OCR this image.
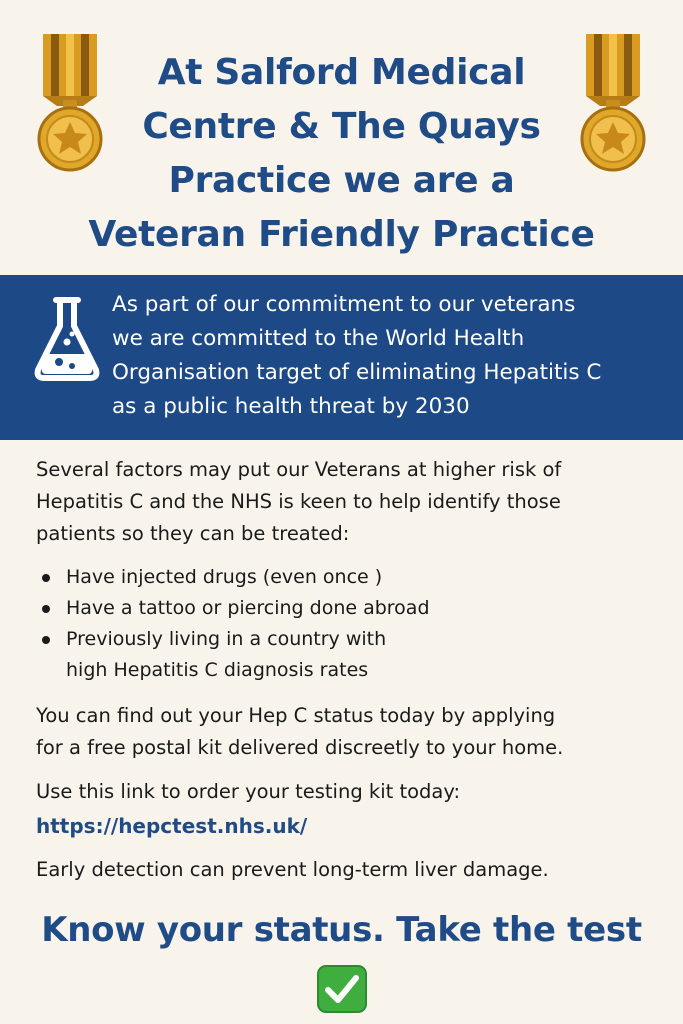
At Salford Medical
Centre & The Quays
Practice we are a
Veteran Friendly Practice

As part of our commitment to our veterans
we are committed to the World Health
Organisation target of eliminating Hepatitis C
as a public health threat by 2030

Several factors may put our Veterans at higher risk of
Hepatitis C and the NHS is keen to help identify those
patients so they can be treated:

Have injected drugs (even once )
Have a tattoo or piercing done abroad
Previously living in a country with
high Hepatitis C diagnosis rates

You can find out your Hep C status today by applying
for a free postal kit delivered discreetly to your home.

Use this link to order your testing kit today:

https://hepctest.nhs.uk/

Early detection can prevent long-term liver damage.

Know your status. Take the test
